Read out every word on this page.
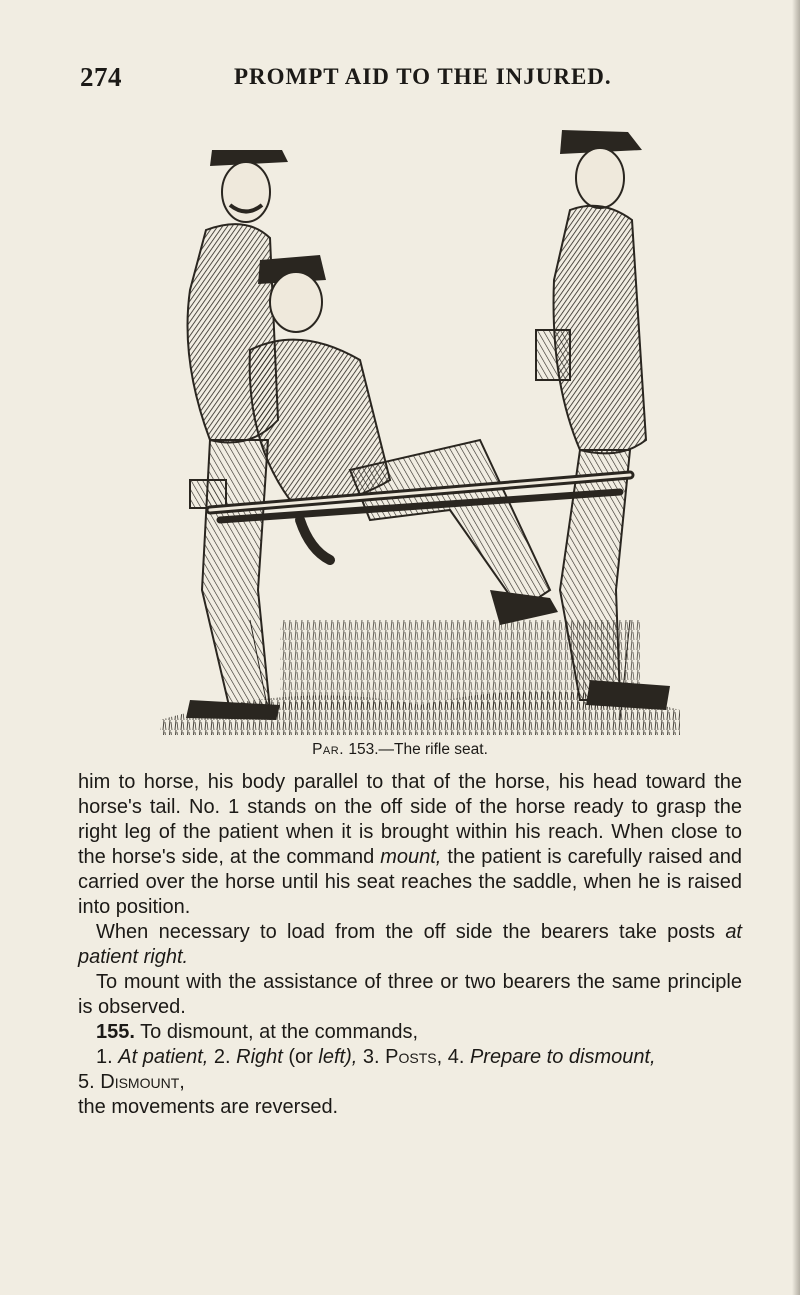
274	PROMPT AID TO THE INJURED.
Par. 153.—The rifle seat.

him to horse, his body parallel to that of the horse, his head toward the horse's tail. No. 1 stands on the off side of the horse ready to grasp the right leg of the patient when it is brought within his reach. When close to the horse's side, at the command mount, the patient is carefully raised and carried over the horse until his seat reaches the saddle, when he is raised into position.

When necessary to load from the off side the bearers take posts at patient right.

To mount with the assistance of three or two bearers the same principle is observed.

155. To dismount, at the commands,

1. At patient, 2. Right (or left), 3. Posts, 4. Prepare to dismount,

5. Dismount,

the movements are reversed.
